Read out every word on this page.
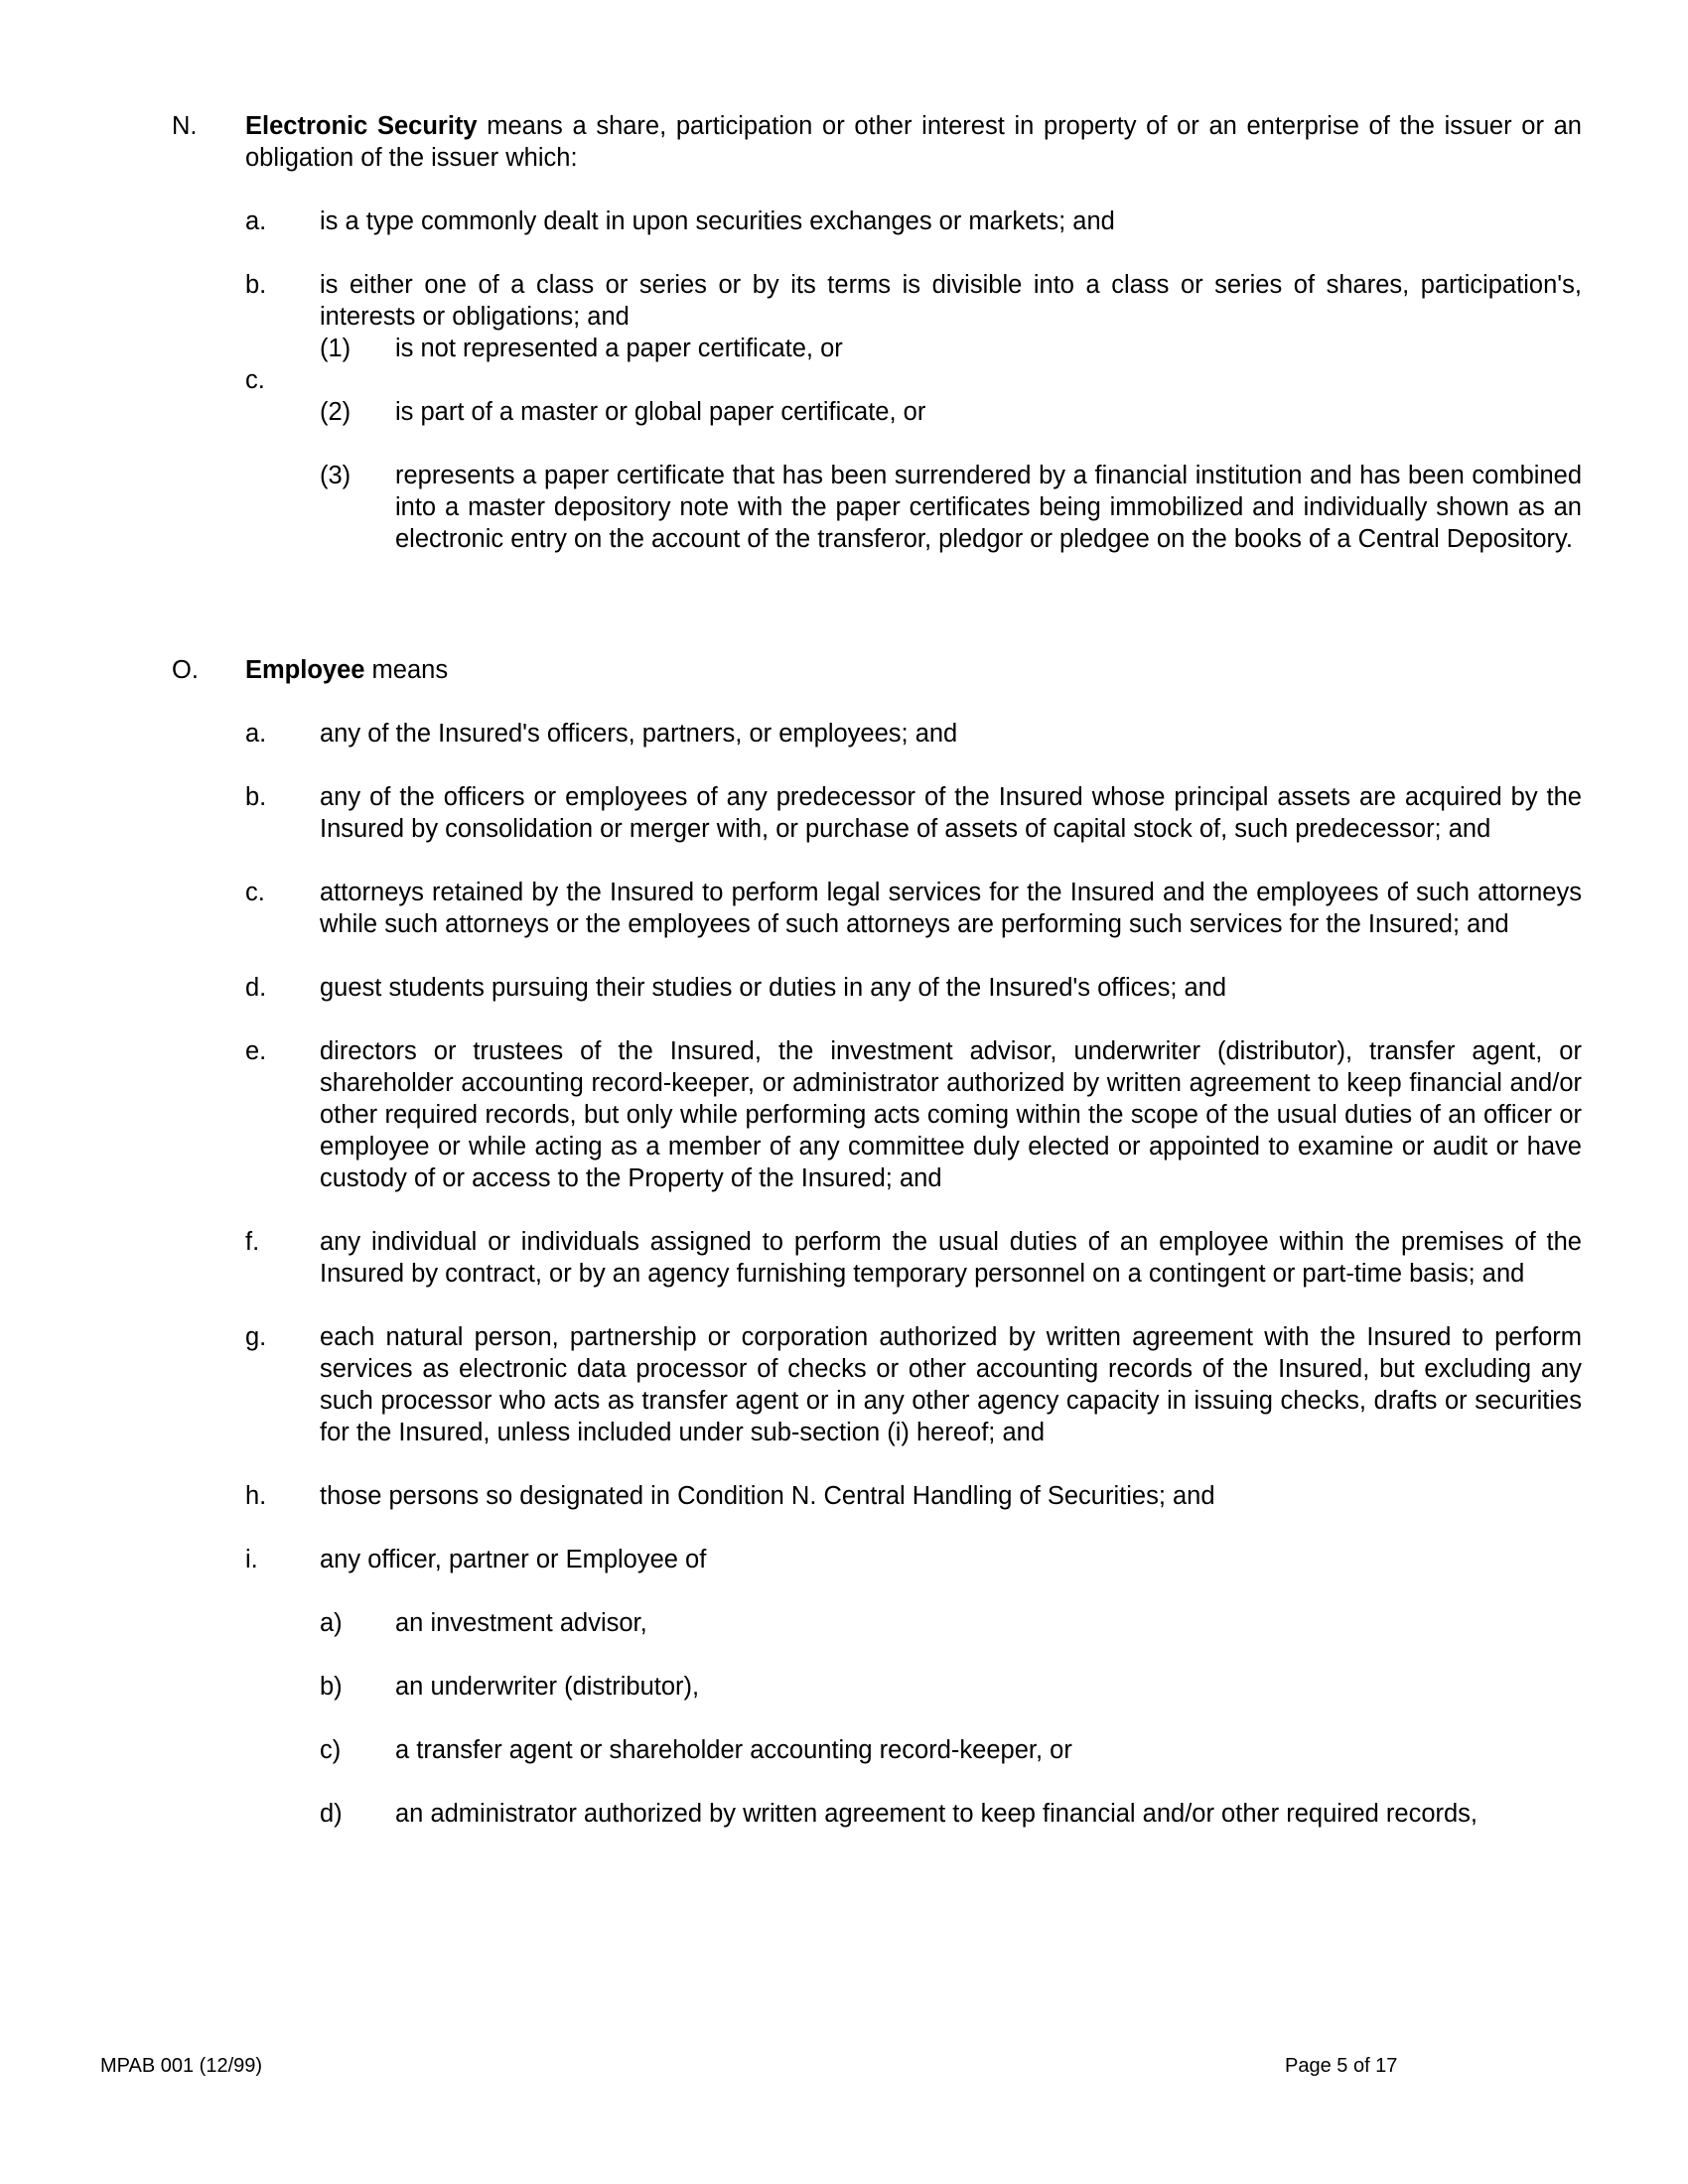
N. Electronic Security means a share, participation or other interest in property of or an enterprise of the issuer or an obligation of the issuer which:
a. is a type commonly dealt in upon securities exchanges or markets; and
b. is either one of a class or series or by its terms is divisible into a class or series of shares, participation's, interests or obligations; and
c.
(1) is not represented a paper certificate, or
(2) is part of a master or global paper certificate, or
(3) represents a paper certificate that has been surrendered by a financial institution and has been combined into a master depository note with the paper certificates being immobilized and individually shown as an electronic entry on the account of the transferor, pledgor or pledgee on the books of a Central Depository.
O. Employee means
a. any of the Insured's officers, partners, or employees; and
b. any of the officers or employees of any predecessor of the Insured whose principal assets are acquired by the Insured by consolidation or merger with, or purchase of assets of capital stock of, such predecessor; and
c. attorneys retained by the Insured to perform legal services for the Insured and the employees of such attorneys while such attorneys or the employees of such attorneys are performing such services for the Insured; and
d. guest students pursuing their studies or duties in any of the Insured's offices; and
e. directors or trustees of the Insured, the investment advisor, underwriter (distributor), transfer agent, or shareholder accounting record-keeper, or administrator authorized by written agreement to keep financial and/or other required records, but only while performing acts coming within the scope of the usual duties of an officer or employee or while acting as a member of any committee duly elected or appointed to examine or audit or have custody of or access to the Property of the Insured; and
f. any individual or individuals assigned to perform the usual duties of an employee within the premises of the Insured by contract, or by an agency furnishing temporary personnel on a contingent or part-time basis; and
g. each natural person, partnership or corporation authorized by written agreement with the Insured to perform services as electronic data processor of checks or other accounting records of the Insured, but excluding any such processor who acts as transfer agent or in any other agency capacity in issuing checks, drafts or securities for the Insured, unless included under sub-section (i) hereof; and
h. those persons so designated in Condition N. Central Handling of Securities; and
i. any officer, partner or Employee of
a) an investment advisor,
b) an underwriter (distributor),
c) a transfer agent or shareholder accounting record-keeper, or
d) an administrator authorized by written agreement to keep financial and/or other required records,
MPAB 001 (12/99)	Page 5 of 17
